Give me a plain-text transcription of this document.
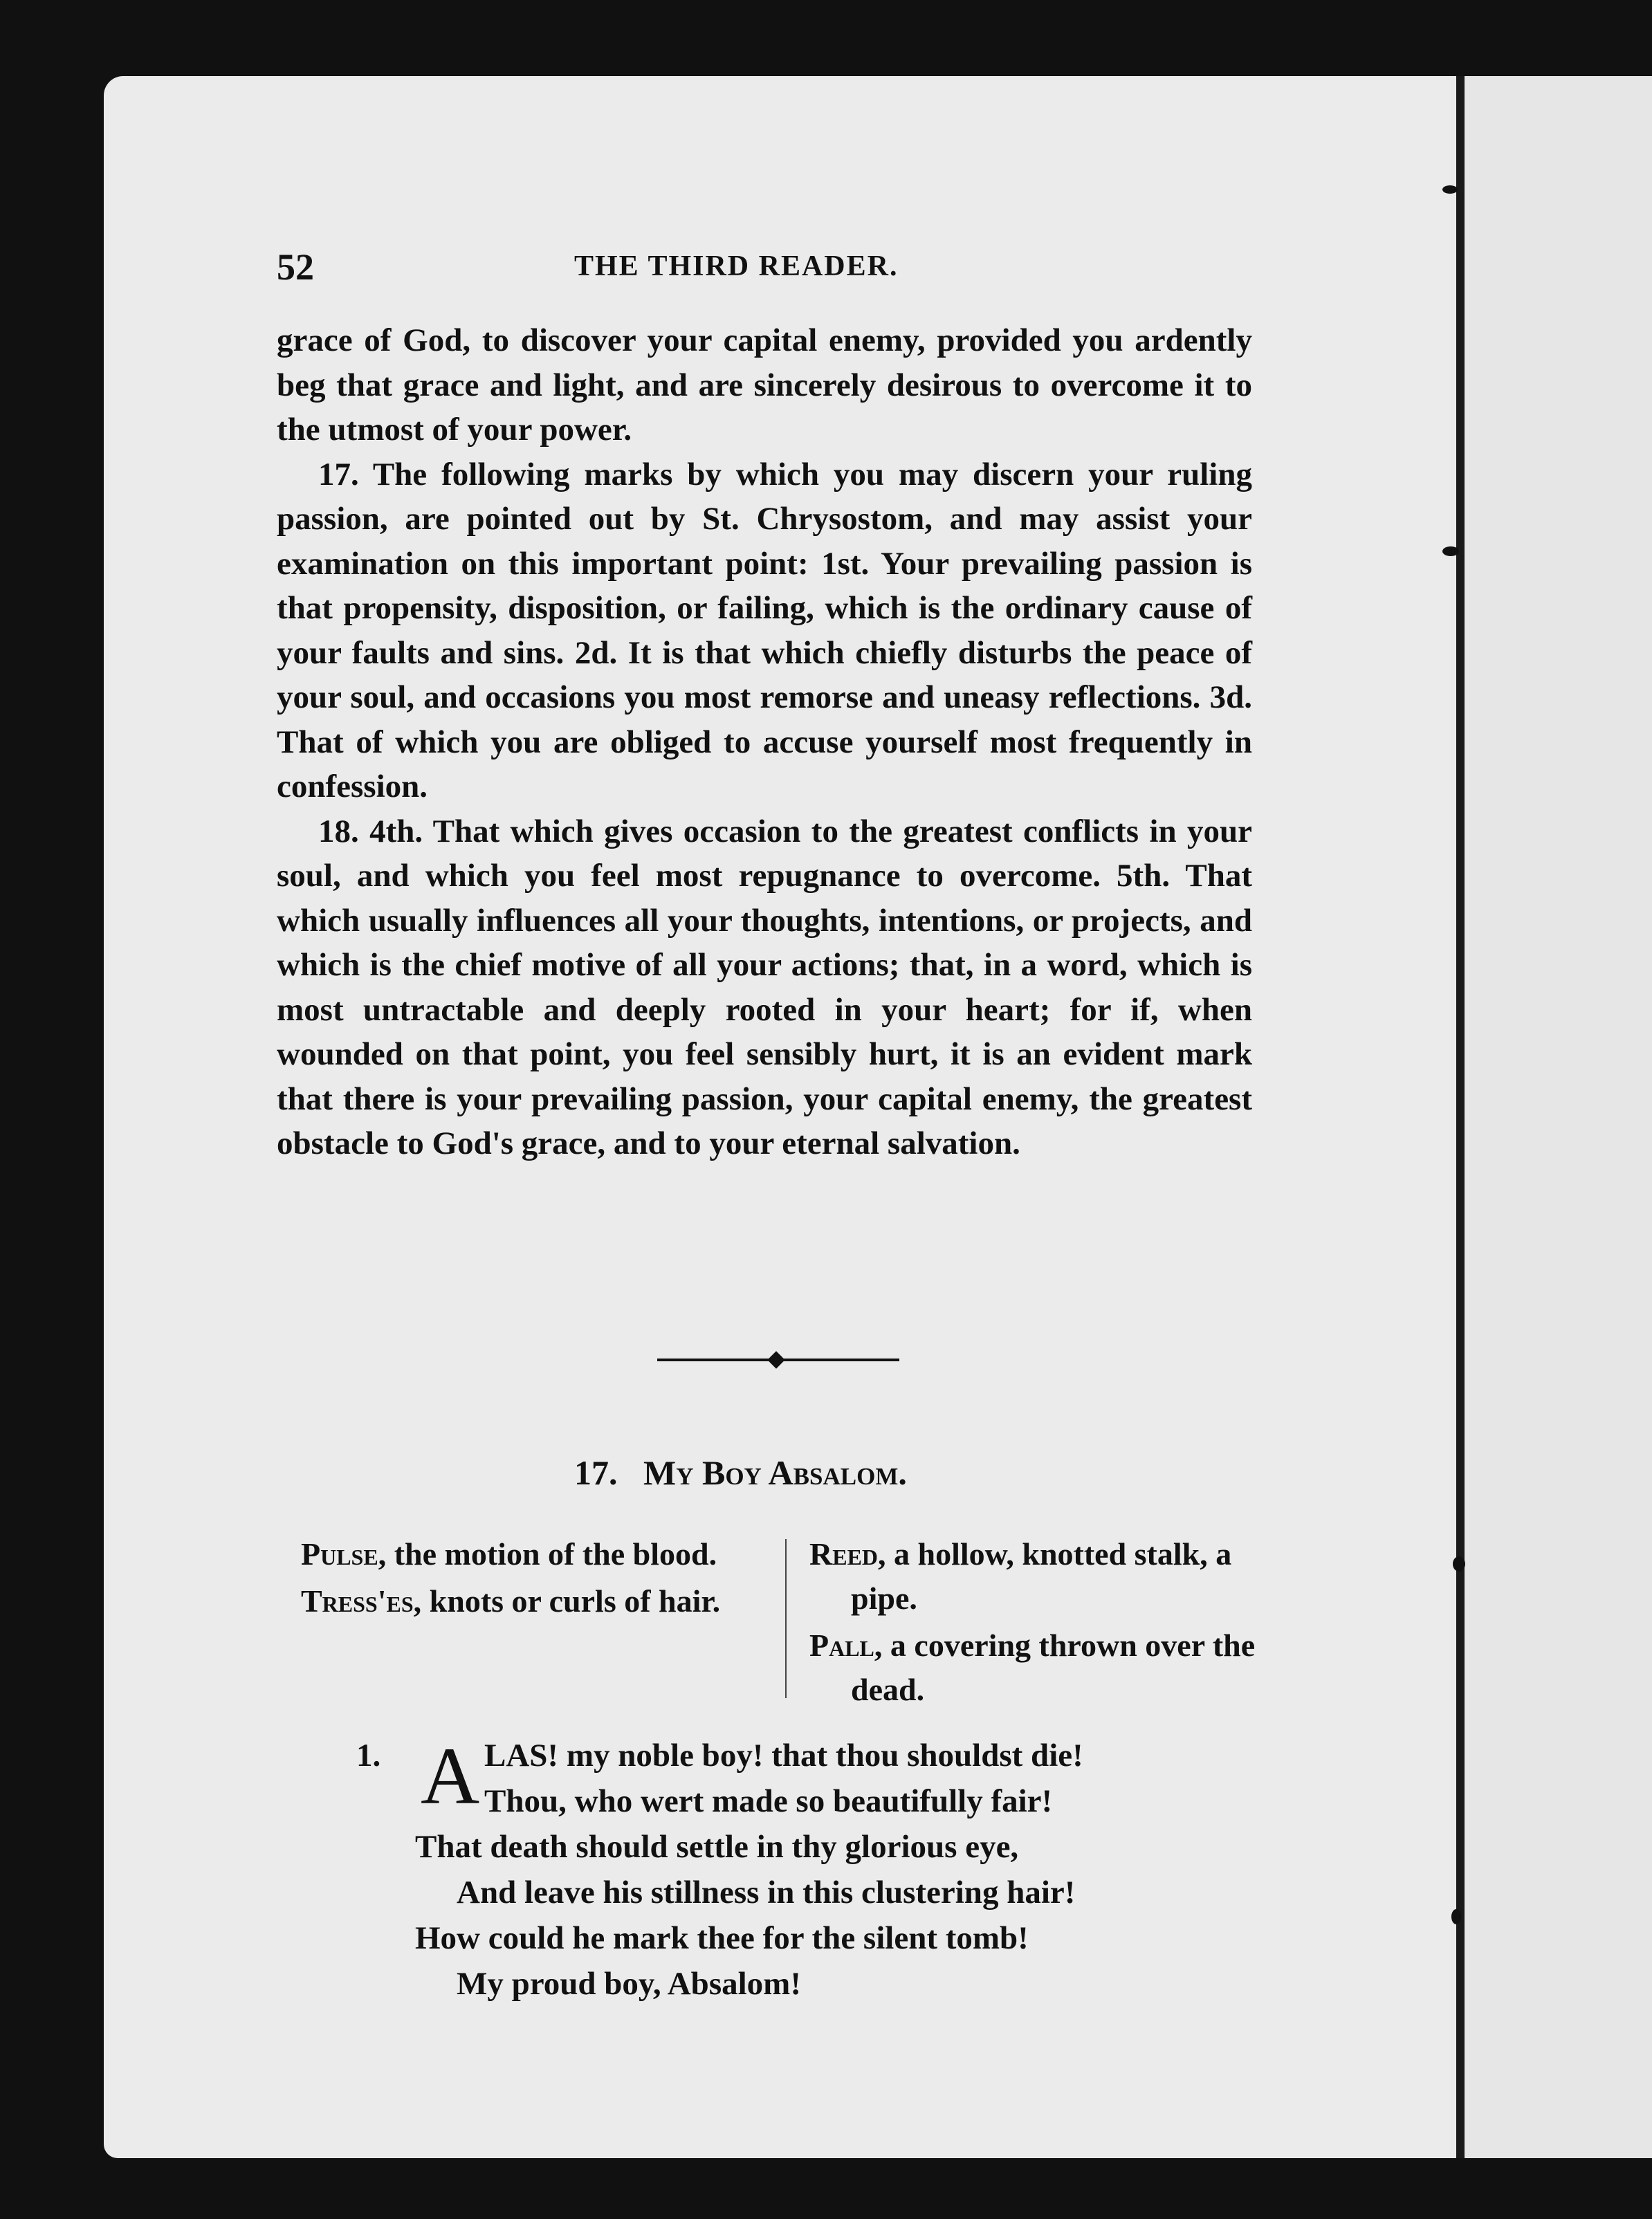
52	THE THIRD READER.

grace of God, to discover your capital enemy, provided you ardently beg that grace and light, and are sincerely desirous to overcome it to the utmost of your power.

17. The following marks by which you may discern your ruling passion, are pointed out by St. Chrysostom, and may assist your examination on this important point: 1st. Your prevailing passion is that propensity, disposition, or failing, which is the ordinary cause of your faults and sins. 2d. It is that which chiefly disturbs the peace of your soul, and occasions you most remorse and uneasy reflections. 3d. That of which you are obliged to accuse yourself most frequently in confession.

18. 4th. That which gives occasion to the greatest conflicts in your soul, and which you feel most repugnance to overcome. 5th. That which usually influences all your thoughts, intentions, or projects, and which is the chief motive of all your actions; that, in a word, which is most untractable and deeply rooted in your heart; for if, when wounded on that point, you feel sensibly hurt, it is an evident mark that there is your prevailing passion, your capital enemy, the greatest obstacle to God's grace, and to your eternal salvation.

17. My Boy Absalom.

Pulse, the motion of the blood.

Tress'es, knots or curls of hair.

Reed, a hollow, knotted stalk, a pipe.

Pall, a covering thrown over the dead.

1. A LAS! my noble boy! that thou shouldst die!
Thou, who wert made so beautifully fair!
That death should settle in thy glorious eye,
And leave his stillness in this clustering hair!
How could he mark thee for the silent tomb!
My proud boy, Absalom!
